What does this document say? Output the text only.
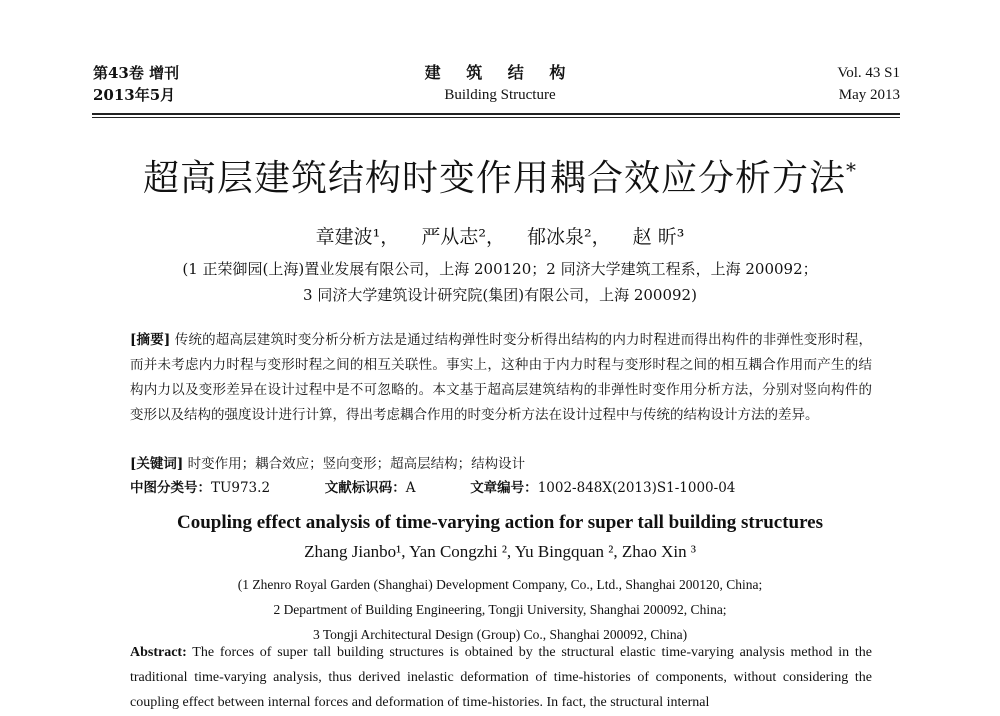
第43卷 增刊
2013年5月
建 筑 结 构
Building Structure
Vol. 43 S1
May 2013
超高层建筑结构时变作用耦合效应分析方法*
章建波¹， 严从志²， 郁冰泉²， 赵 昕³
(1 正荣御园(上海)置业发展有限公司，上海 200120；2 同济大学建筑工程系，上海 200092；
3 同济大学建筑设计研究院(集团)有限公司，上海 200092)
[摘要] 传统的超高层建筑时变分析分析方法是通过结构弹性时变分析得出结构的内力时程进而得出构件的非弹性变形时程，而并未考虑内力时程与变形时程之间的相互关联性。事实上，这种由于内力时程与变形时程之间的相互耦合作用而产生的结构内力以及变形差异在设计过程中是不可忽略的。本文基于超高层建筑结构的非弹性时变作用分析方法，分别对竖向构件的变形以及结构的强度设计进行计算，得出考虑耦合作用的时变分析方法在设计过程中与传统的结构设计方法的差异。
[关键词] 时变作用；耦合效应；竖向变形；超高层结构；结构设计
中图分类号：TU973.2	文献标识码：A	文章编号：1002-848X(2013)S1-1000-04
Coupling effect analysis of time-varying action for super tall building structures
Zhang Jianbo¹, Yan Congzhi ², Yu Bingquan ², Zhao Xin ³
(1 Zhenro Royal Garden (Shanghai) Development Company, Co., Ltd., Shanghai 200120, China;
2 Department of Building Engineering, Tongji University, Shanghai 200092, China;
3 Tongji Architectural Design (Group) Co., Shanghai 200092, China)
Abstract: The forces of super tall building structures is obtained by the structural elastic time-varying analysis method in the traditional time-varying analysis, thus derived inelastic deformation of time-histories of components, without considering the coupling effect between internal forces and deformation of time-histories. In fact, the structural internal
